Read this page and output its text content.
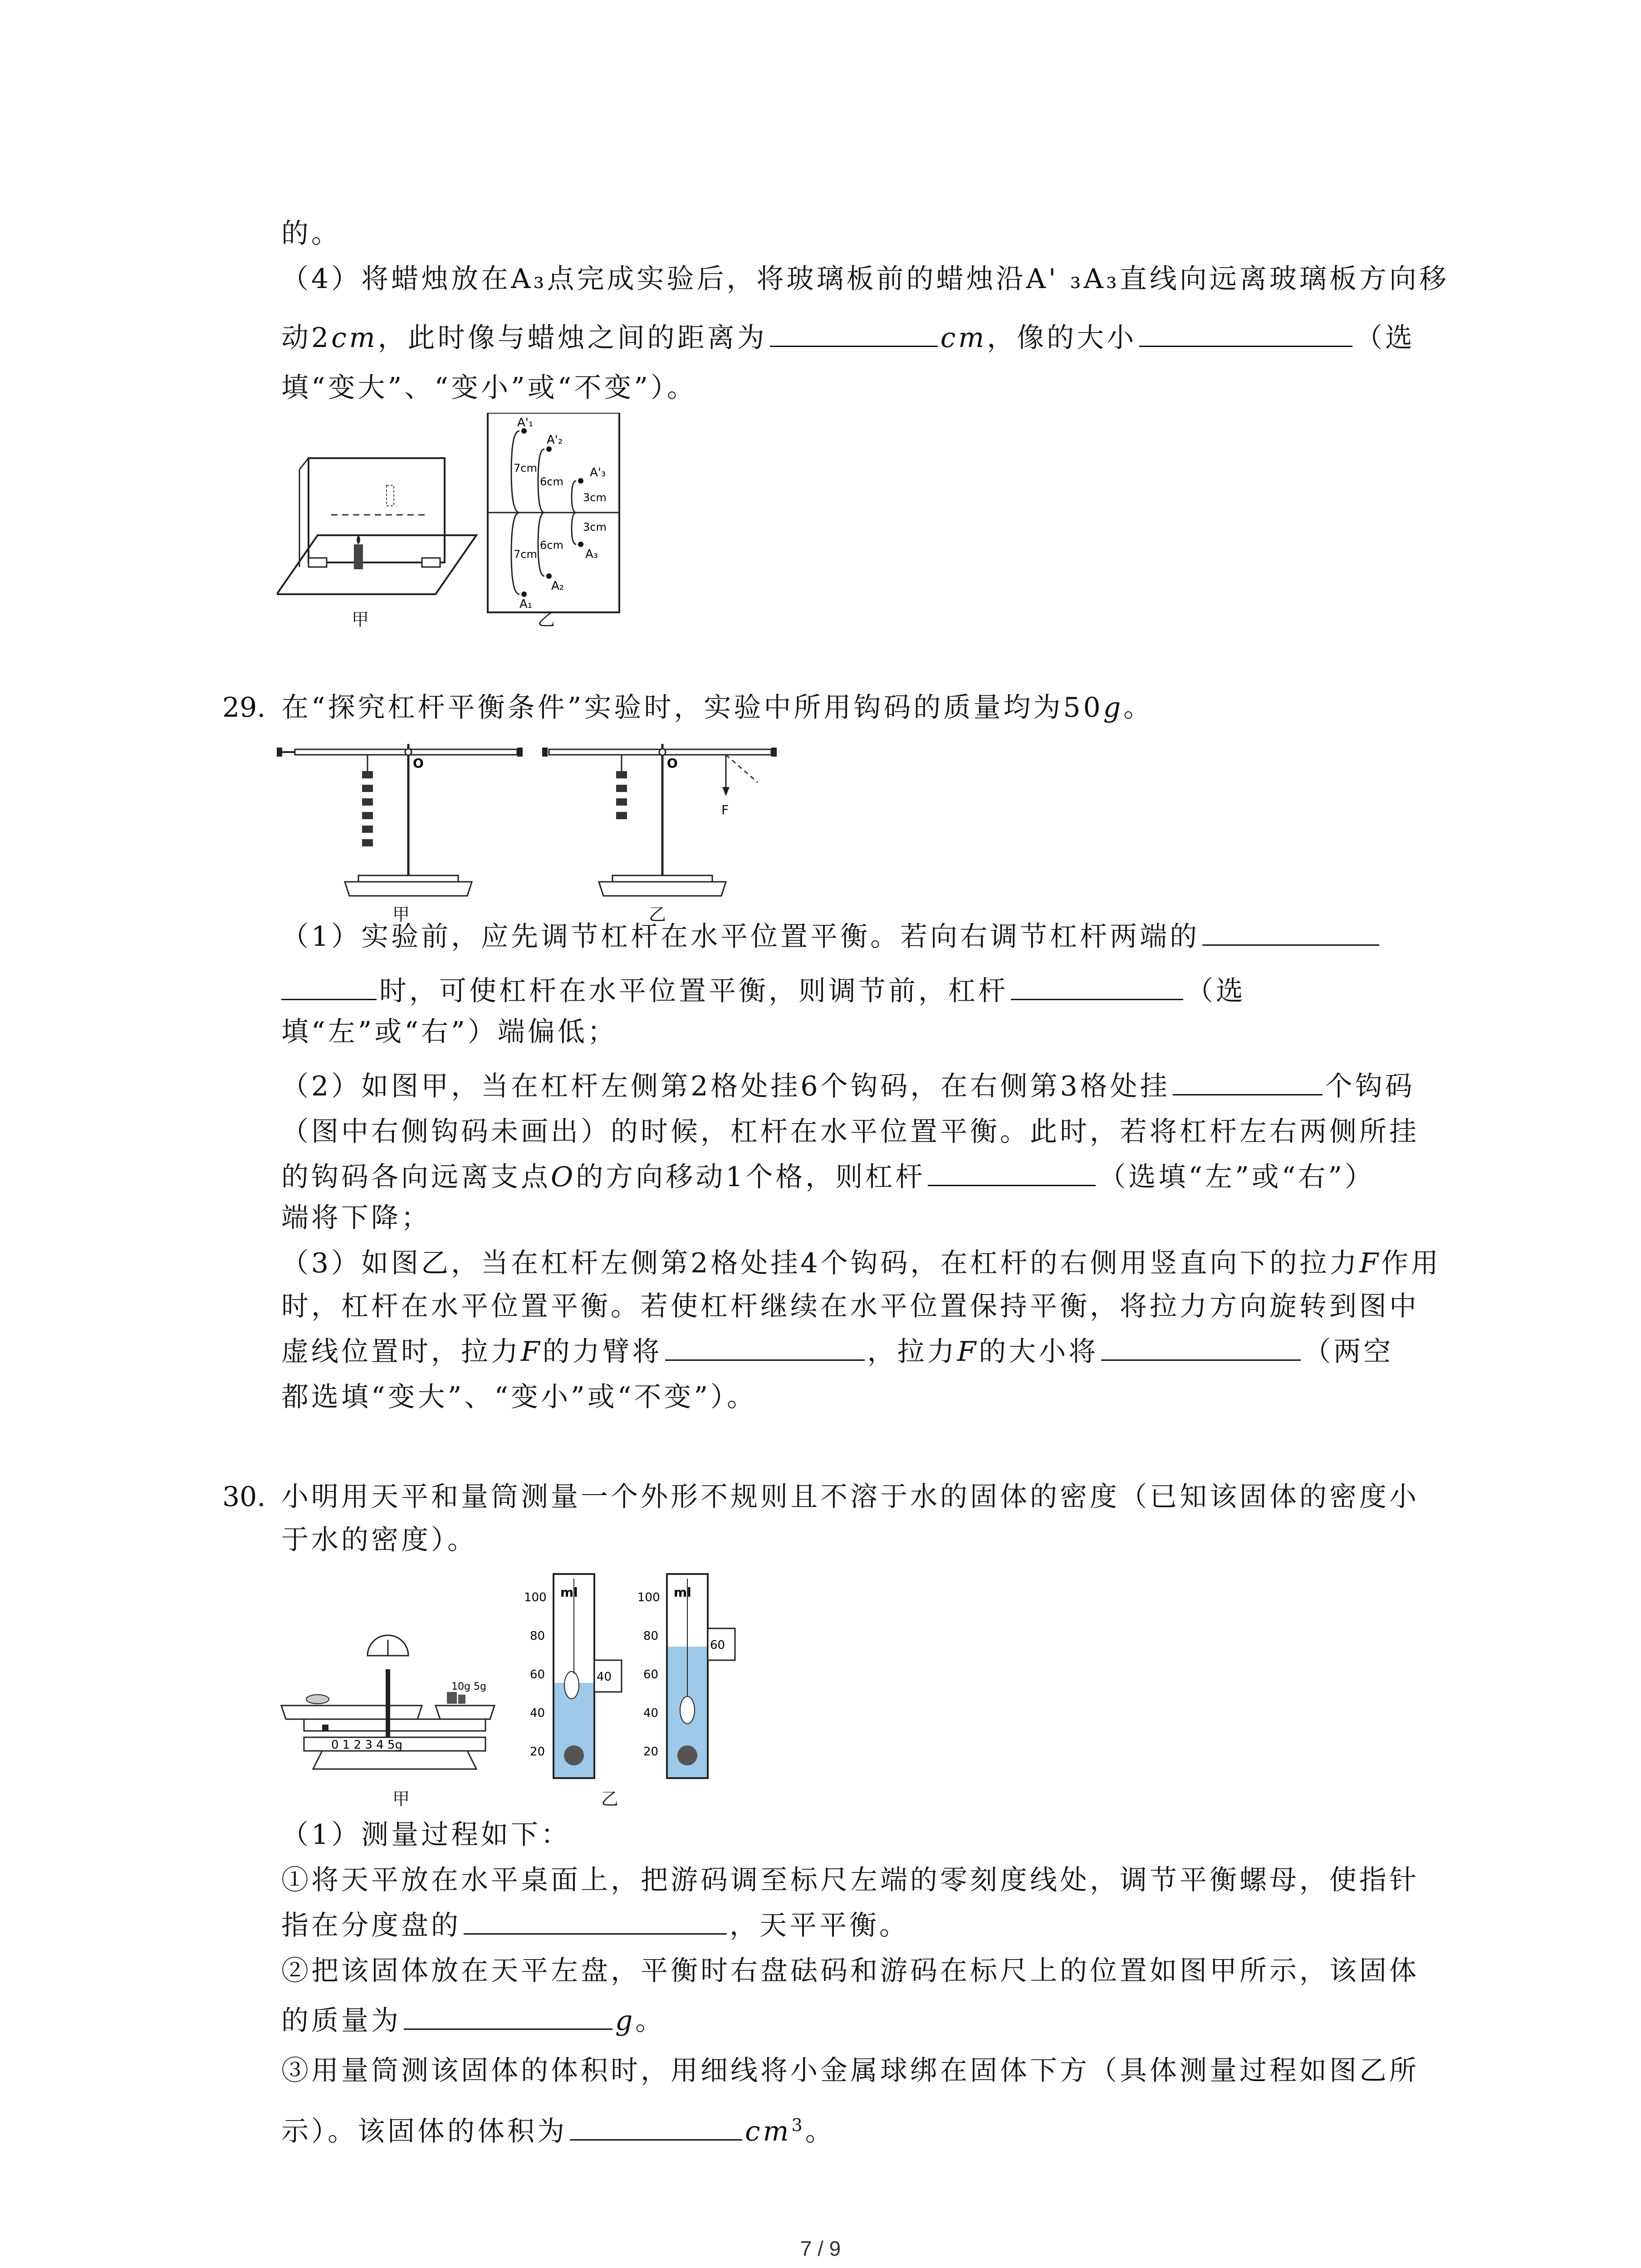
的。
（4）将蜡烛放在A₃点完成实验后，将玻璃板前的蜡烛沿A' ₃A₃直线向远离玻璃板方向移
动2cm，此时像与蜡烛之间的距离为	cm，像的大小	（选
填“变大”、“变小”或“不变”）。
A'₁
A'₂
A'₃
7cm
6cm
3cm
3cm
6cm
7cm	A₃
A₂
A₁
甲	乙
29. 在“探究杠杆平衡条件”实验时，实验中所用钩码的质量均为50g。
O	O
F
甲	乙
（1）实验前，应先调节杠杆在水平位置平衡。若向右调节杠杆两端的
时，可使杠杆在水平位置平衡，则调节前，杠杆	（选
填“左”或“右”）端偏低；
（2）如图甲，当在杠杆左侧第2格处挂6个钩码，在右侧第3格处挂	个钩码
（图中右侧钩码未画出）的时候，杠杆在水平位置平衡。此时，若将杠杆左右两侧所挂
的钩码各向远离支点O的方向移动1个格，则杠杆	（选填“左”或“右”）
端将下降；
（3）如图乙，当在杠杆左侧第2格处挂4个钩码，在杠杆的右侧用竖直向下的拉力F作用
时，杠杆在水平位置平衡。若使杠杆继续在水平位置保持平衡，将拉力方向旋转到图中
虚线位置时，拉力F的力臂将	，拉力F的大小将	（两空
都选填“变大”、“变小”或“不变”）。
30. 小明用天平和量筒测量一个外形不规则且不溶于水的固体的密度（已知该固体的密度小
于水的密度）。
10g 5g
0 1 2 3 4 5g
ml
100
80
60
40
20
40
ml
100
80
60
40
20
60
甲	乙
（1）测量过程如下：
①将天平放在水平桌面上，把游码调至标尺左端的零刻度线处，调节平衡螺母，使指针
指在分度盘的	，天平平衡。
②把该固体放在天平左盘，平衡时右盘砝码和游码在标尺上的位置如图甲所示，该固体
的质量为	g。
③用量筒测该固体的体积时，用细线将小金属球绑在固体下方（具体测量过程如图乙所
示）。该固体的体积为	$cm^3$。
7 / 9
